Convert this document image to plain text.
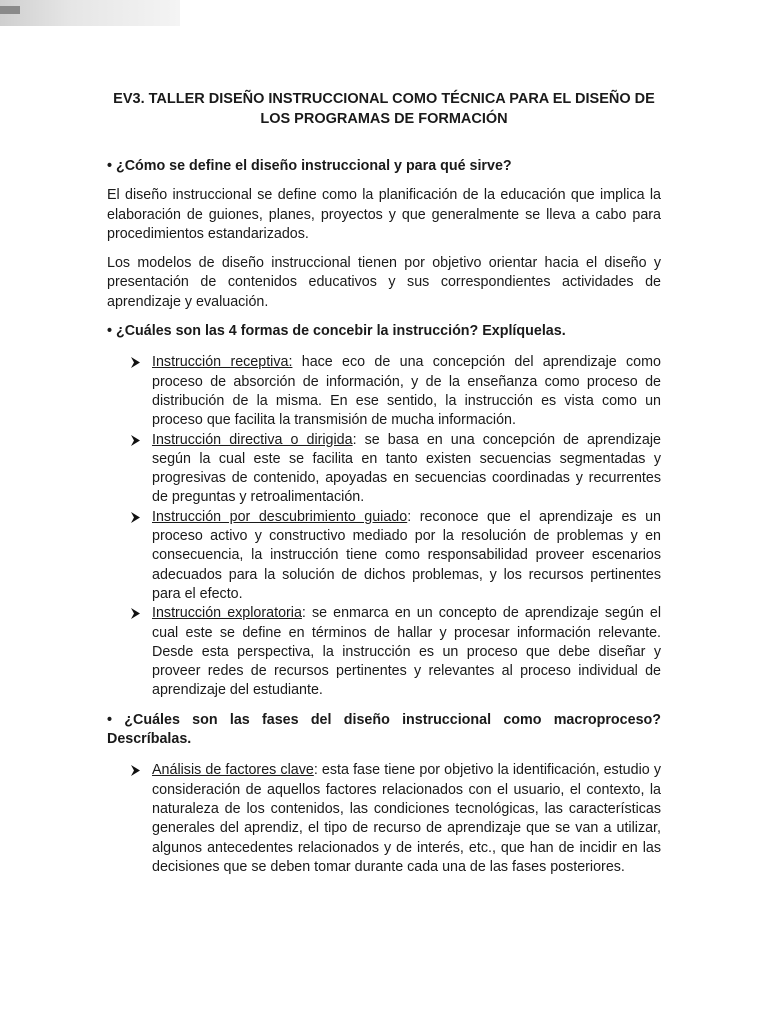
EV3. TALLER DISEÑO INSTRUCCIONAL COMO TÉCNICA PARA EL DISEÑO DE LOS PROGRAMAS DE FORMACIÓN
• ¿Cómo se define el diseño instruccional y para qué sirve?
El diseño instruccional se define como la planificación de la educación que implica la elaboración de guiones, planes, proyectos y que generalmente se lleva a cabo para procedimientos estandarizados.
Los modelos de diseño instruccional tienen por objetivo orientar hacia el diseño y presentación de contenidos educativos y sus correspondientes actividades de aprendizaje y evaluación.
• ¿Cuáles son las 4 formas de concebir la instrucción? Explíquelas.
Instrucción receptiva: hace eco de una concepción del aprendizaje como proceso de absorción de información, y de la enseñanza como proceso de distribución de la misma. En ese sentido, la instrucción es vista como un proceso que facilita la transmisión de mucha información.
Instrucción directiva o dirigida: se basa en una concepción de aprendizaje según la cual este se facilita en tanto existen secuencias segmentadas y progresivas de contenido, apoyadas en secuencias coordinadas y recurrentes de preguntas y retroalimentación.
Instrucción por descubrimiento guiado: reconoce que el aprendizaje es un proceso activo y constructivo mediado por la resolución de problemas y en consecuencia, la instrucción tiene como responsabilidad proveer escenarios adecuados para la solución de dichos problemas, y los recursos pertinentes para el efecto.
Instrucción exploratoria: se enmarca en un concepto de aprendizaje según el cual este se define en términos de hallar y procesar información relevante. Desde esta perspectiva, la instrucción es un proceso que debe diseñar y proveer redes de recursos pertinentes y relevantes al proceso individual de aprendizaje del estudiante.
• ¿Cuáles son las fases del diseño instruccional como macroproceso? Descríbalas.
Análisis de factores clave: esta fase tiene por objetivo la identificación, estudio y consideración de aquellos factores relacionados con el usuario, el contexto, la naturaleza de los contenidos, las condiciones tecnológicas, las características generales del aprendiz, el tipo de recurso de aprendizaje que se van a utilizar, algunos antecedentes relacionados y de interés, etc., que han de incidir en las decisiones que se deben tomar durante cada una de las fases posteriores.
